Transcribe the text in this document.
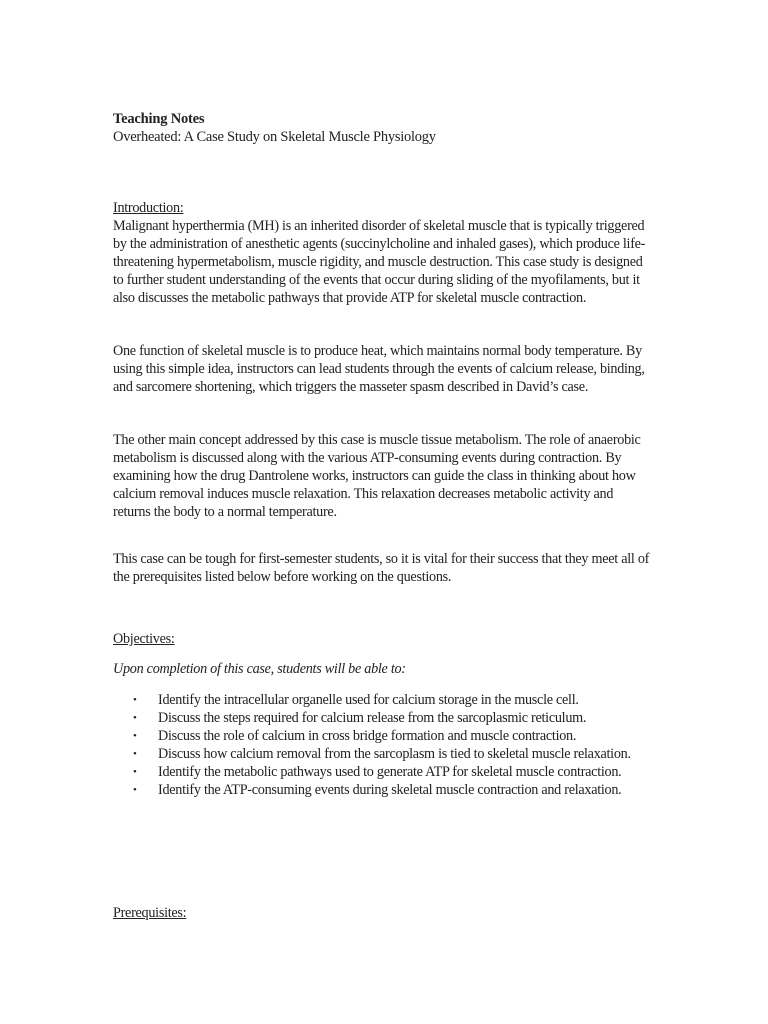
Teaching Notes
Overheated: A Case Study on Skeletal Muscle Physiology

Introduction:

Malignant hyperthermia (MH) is an inherited disorder of skeletal muscle that is typically triggered by the administration of anesthetic agents (succinylcholine and inhaled gases), which produce life-threatening hypermetabolism, muscle rigidity, and muscle destruction. This case study is designed to further student understanding of the events that occur during sliding of the myofilaments, but it also discusses the metabolic pathways that provide ATP for skeletal muscle contraction.

One function of skeletal muscle is to produce heat, which maintains normal body temperature. By using this simple idea, instructors can lead students through the events of calcium release, binding, and sarcomere shortening, which triggers the masseter spasm described in David’s case.

The other main concept addressed by this case is muscle tissue metabolism. The role of anaerobic metabolism is discussed along with the various ATP-consuming events during contraction. By examining how the drug Dantrolene works, instructors can guide the class in thinking about how calcium removal induces muscle relaxation. This relaxation decreases metabolic activity and returns the body to a normal temperature.

This case can be tough for first-semester students, so it is vital for their success that they meet all of the prerequisites listed below before working on the questions.

Objectives:

Upon completion of this case, students will be able to:

• Identify the intracellular organelle used for calcium storage in the muscle cell.
• Discuss the steps required for calcium release from the sarcoplasmic reticulum.
• Discuss the role of calcium in cross bridge formation and muscle contraction.
• Discuss how calcium removal from the sarcoplasm is tied to skeletal muscle relaxation.
• Identify the metabolic pathways used to generate ATP for skeletal muscle contraction.
• Identify the ATP-consuming events during skeletal muscle contraction and relaxation.

Prerequisites:
